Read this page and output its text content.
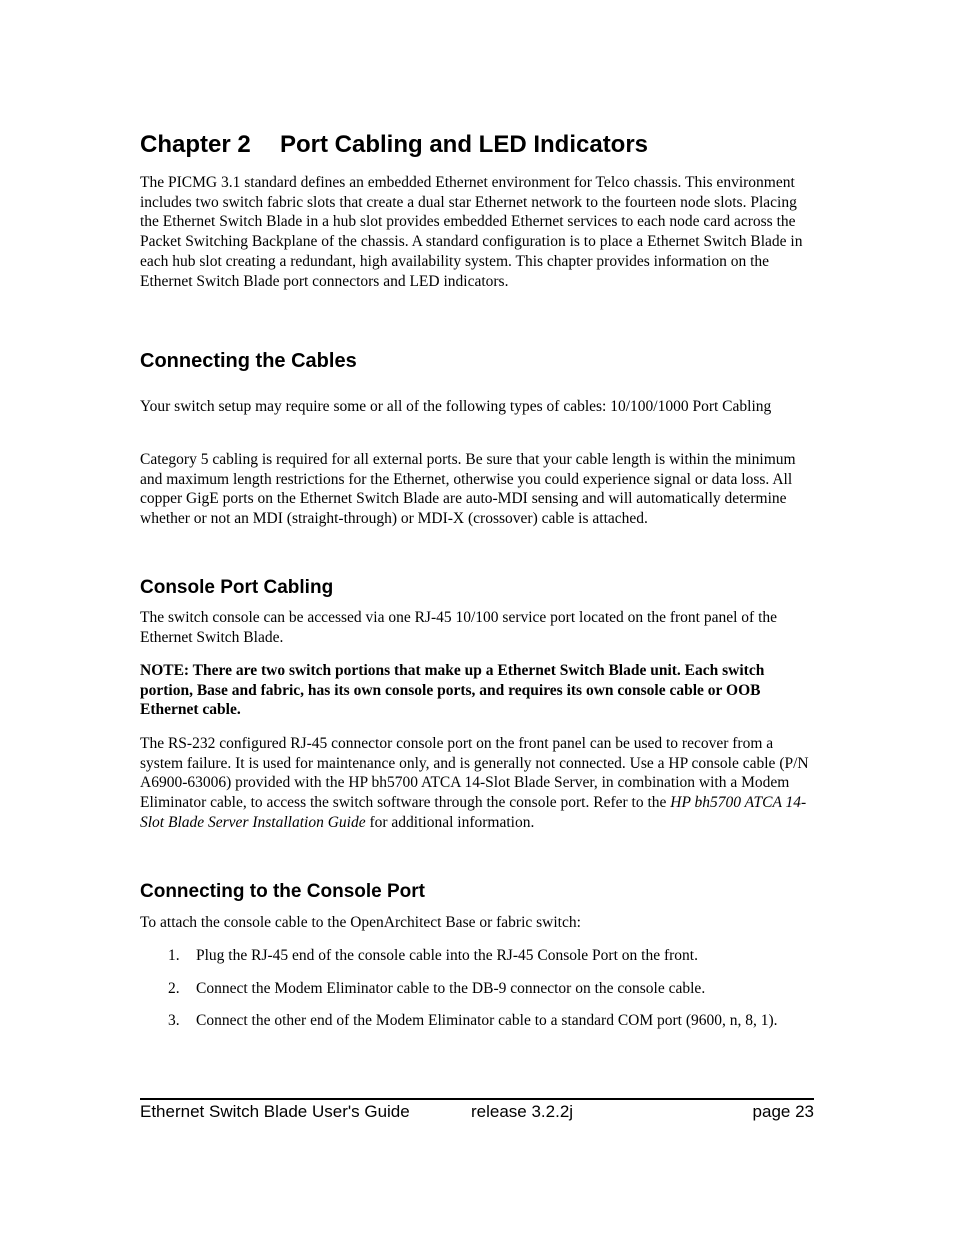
Chapter 2 Port Cabling and LED Indicators

The PICMG 3.1 standard defines an embedded Ethernet environment for Telco chassis. This environment includes two switch fabric slots that create a dual star Ethernet network to the fourteen node slots. Placing the Ethernet Switch Blade in a hub slot provides embedded Ethernet services to each node card across the Packet Switching Backplane of the chassis. A standard configuration is to place a Ethernet Switch Blade in each hub slot creating a redundant, high availability system. This chapter provides information on the Ethernet Switch Blade port connectors and LED indicators.

Connecting the Cables

Your switch setup may require some or all of the following types of cables: 10/100/1000 Port Cabling

Category 5 cabling is required for all external ports. Be sure that your cable length is within the minimum and maximum length restrictions for the Ethernet, otherwise you could experience signal or data loss. All copper GigE ports on the Ethernet Switch Blade are auto-MDI sensing and will automatically determine whether or not an MDI (straight-through) or MDI-X (crossover) cable is attached.

Console Port Cabling

The switch console can be accessed via one RJ-45 10/100 service port located on the front panel of the Ethernet Switch Blade.

NOTE: There are two switch portions that make up a Ethernet Switch Blade unit. Each switch portion, Base and fabric, has its own console ports, and requires its own console cable or OOB Ethernet cable.

The RS-232 configured RJ-45 connector console port on the front panel can be used to recover from a system failure. It is used for maintenance only, and is generally not connected. Use a HP console cable (P/N A6900-63006) provided with the HP bh5700 ATCA 14-Slot Blade Server, in combination with a Modem Eliminator cable, to access the switch software through the console port. Refer to the HP bh5700 ATCA 14-Slot Blade Server Installation Guide for additional information.

Connecting to the Console Port

To attach the console cable to the OpenArchitect Base or fabric switch:

1. Plug the RJ-45 end of the console cable into the RJ-45 Console Port on the front.
2. Connect the Modem Eliminator cable to the DB-9 connector on the console cable.
3. Connect the other end of the Modem Eliminator cable to a standard COM port (9600, n, 8, 1).
Ethernet Switch Blade User's Guide	release 3.2.2j	page 23
